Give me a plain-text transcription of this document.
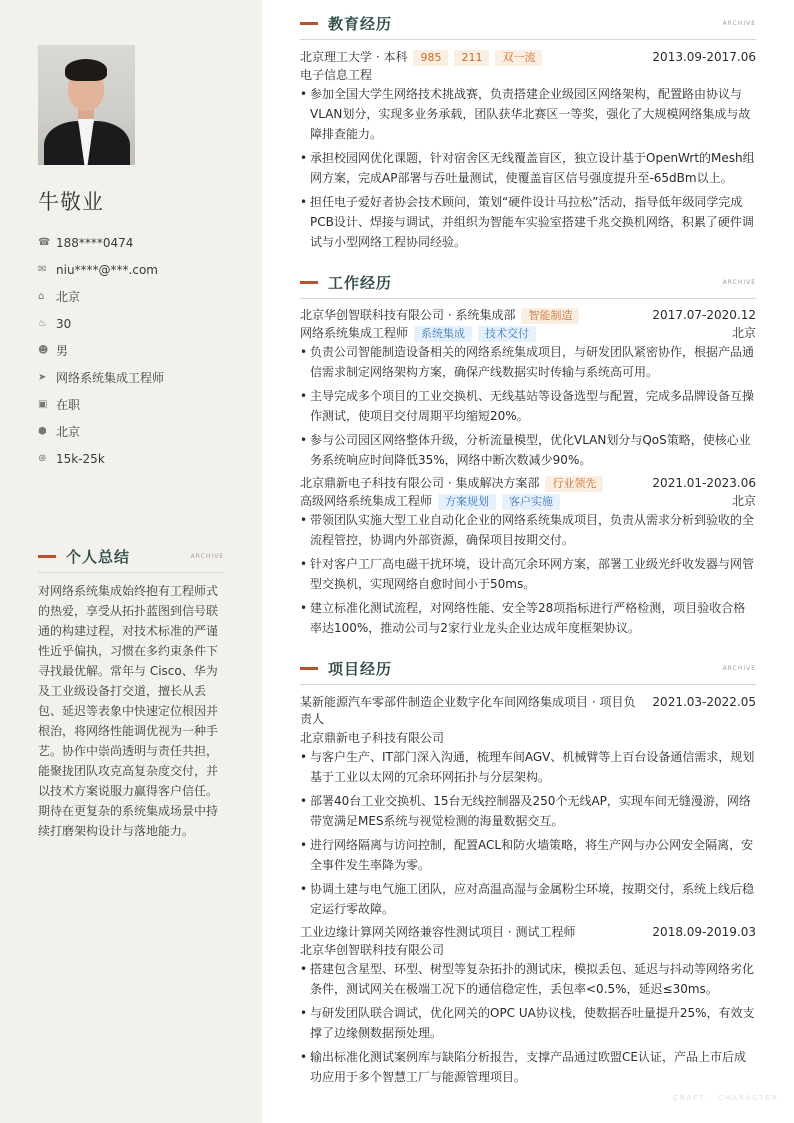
牛敬业
☎ 188****0474
✉ niu****@***.com
⌂ 北京
♨ 30
☻ 男
➤ 网络系统集成工程师
▣ 在职
⬢ 北京
⊛ 15k-25k
个人总结	ARCHIVE
对网络系统集成始终抱有工程师式的热爱，享受从拓扑蓝图到信号联通的构建过程，对技术标准的严谨性近乎偏执，习惯在多约束条件下寻找最优解。常年与 Cisco、华为及工业级设备打交道，擅长从丢包、延迟等表象中快速定位根因并根治，将网络性能调优视为一种手艺。协作中崇尚透明与责任共担，能聚拢团队攻克高复杂度交付，并以技术方案说服力赢得客户信任。期待在更复杂的系统集成场景中持续打磨架构设计与落地能力。
教育经历	ARCHIVE
北京理工大学 · 本科	985	211	双一流	2013.09-2017.06
电子信息工程
• 参加全国大学生网络技术挑战赛，负责搭建企业级园区网络架构，配置路由协议与VLAN划分，实现多业务承载，团队获华北赛区一等奖，强化了大规模网络集成与故障排查能力。
• 承担校园网优化课题，针对宿舍区无线覆盖盲区，独立设计基于OpenWrt的Mesh组网方案，完成AP部署与吞吐量测试，使覆盖盲区信号强度提升至-65dBm以上。
• 担任电子爱好者协会技术顾问，策划“硬件设计马拉松”活动，指导低年级同学完成PCB设计、焊接与调试，并组织为智能车实验室搭建千兆交换机网络，积累了硬件调试与小型网络工程协同经验。
工作经历	ARCHIVE
北京华创智联科技有限公司 · 系统集成部	智能制造	2017.07-2020.12
网络系统集成工程师	系统集成	技术交付	北京
• 负责公司智能制造设备相关的网络系统集成项目，与研发团队紧密协作，根据产品通信需求制定网络架构方案，确保产线数据实时传输与系统高可用。
• 主导完成多个项目的工业交换机、无线基站等设备选型与配置，完成多品牌设备互操作测试，使项目交付周期平均缩短20%。
• 参与公司园区网络整体升级，分析流量模型，优化VLAN划分与QoS策略，使核心业务系统响应时间降低35%，网络中断次数减少90%。
北京鼎新电子科技有限公司 · 集成解决方案部	行业领先	2021.01-2023.06
高级网络系统集成工程师	方案规划	客户实施	北京
• 带领团队实施大型工业自动化企业的网络系统集成项目，负责从需求分析到验收的全流程管控，协调内外部资源，确保项目按期交付。
• 针对客户工厂高电磁干扰环境，设计高冗余环网方案，部署工业级光纤收发器与网管型交换机，实现网络自愈时间小于50ms。
• 建立标准化测试流程，对网络性能、安全等28项指标进行严格检测，项目验收合格率达100%，推动公司与2家行业龙头企业达成年度框架协议。
项目经历	ARCHIVE
某新能源汽车零部件制造企业数字化车间网络集成项目 · 项目负责人
2021.03-2022.05
北京鼎新电子科技有限公司
• 与客户生产、IT部门深入沟通，梳理车间AGV、机械臂等上百台设备通信需求，规划基于工业以太网的冗余环网拓扑与分层架构。
• 部署40台工业交换机、15台无线控制器及250个无线AP，实现车间无缝漫游，网络带宽满足MES系统与视觉检测的海量数据交互。
• 进行网络隔离与访问控制，配置ACL和防火墙策略，将生产网与办公网安全隔离，安全事件发生率降为零。
• 协调土建与电气施工团队，应对高温高湿与金属粉尘环境，按期交付，系统上线后稳定运行零故障。
工业边缘计算网关网络兼容性测试项目 · 测试工程师	2018.09-2019.03
北京华创智联科技有限公司
• 搭建包含星型、环型、树型等复杂拓扑的测试床，模拟丢包、延迟与抖动等网络劣化条件，测试网关在极端工况下的通信稳定性，丢包率<0.5%，延迟≤30ms。
• 与研发团队联合调试，优化网关的OPC UA协议栈，使数据吞吐量提升25%，有效支撑了边缘侧数据预处理。
• 输出标准化测试案例库与缺陷分析报告，支撑产品通过欧盟CE认证，产品上市后成功应用于多个智慧工厂与能源管理项目。
CRAFT · CHARACTER
